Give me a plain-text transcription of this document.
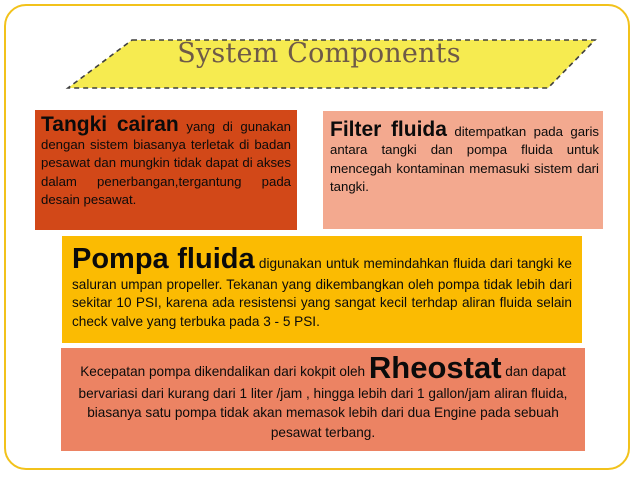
System Components

Tangki cairan yang di gunakan dengan sistem biasanya terletak di badan pesawat dan mungkin tidak dapat di akses dalam penerbangan,tergantung pada desain pesawat.

Filter fluida ditempatkan pada garis antara tangki dan pompa fluida untuk mencegah kontaminan memasuki sistem dari tangki.

Pompa fluida digunakan untuk memindahkan fluida dari tangki ke saluran umpan propeller. Tekanan yang dikembangkan oleh pompa tidak lebih dari sekitar 10 PSI, karena ada resistensi yang sangat kecil terhdap aliran fluida selain check valve yang terbuka pada 3 - 5 PSI.

Kecepatan pompa dikendalikan dari kokpit oleh Rheostat dan dapat bervariasi dari kurang dari 1 liter /jam , hingga lebih dari 1 gallon/jam aliran fluida, biasanya satu pompa tidak akan memasok lebih dari dua Engine pada sebuah pesawat terbang.
